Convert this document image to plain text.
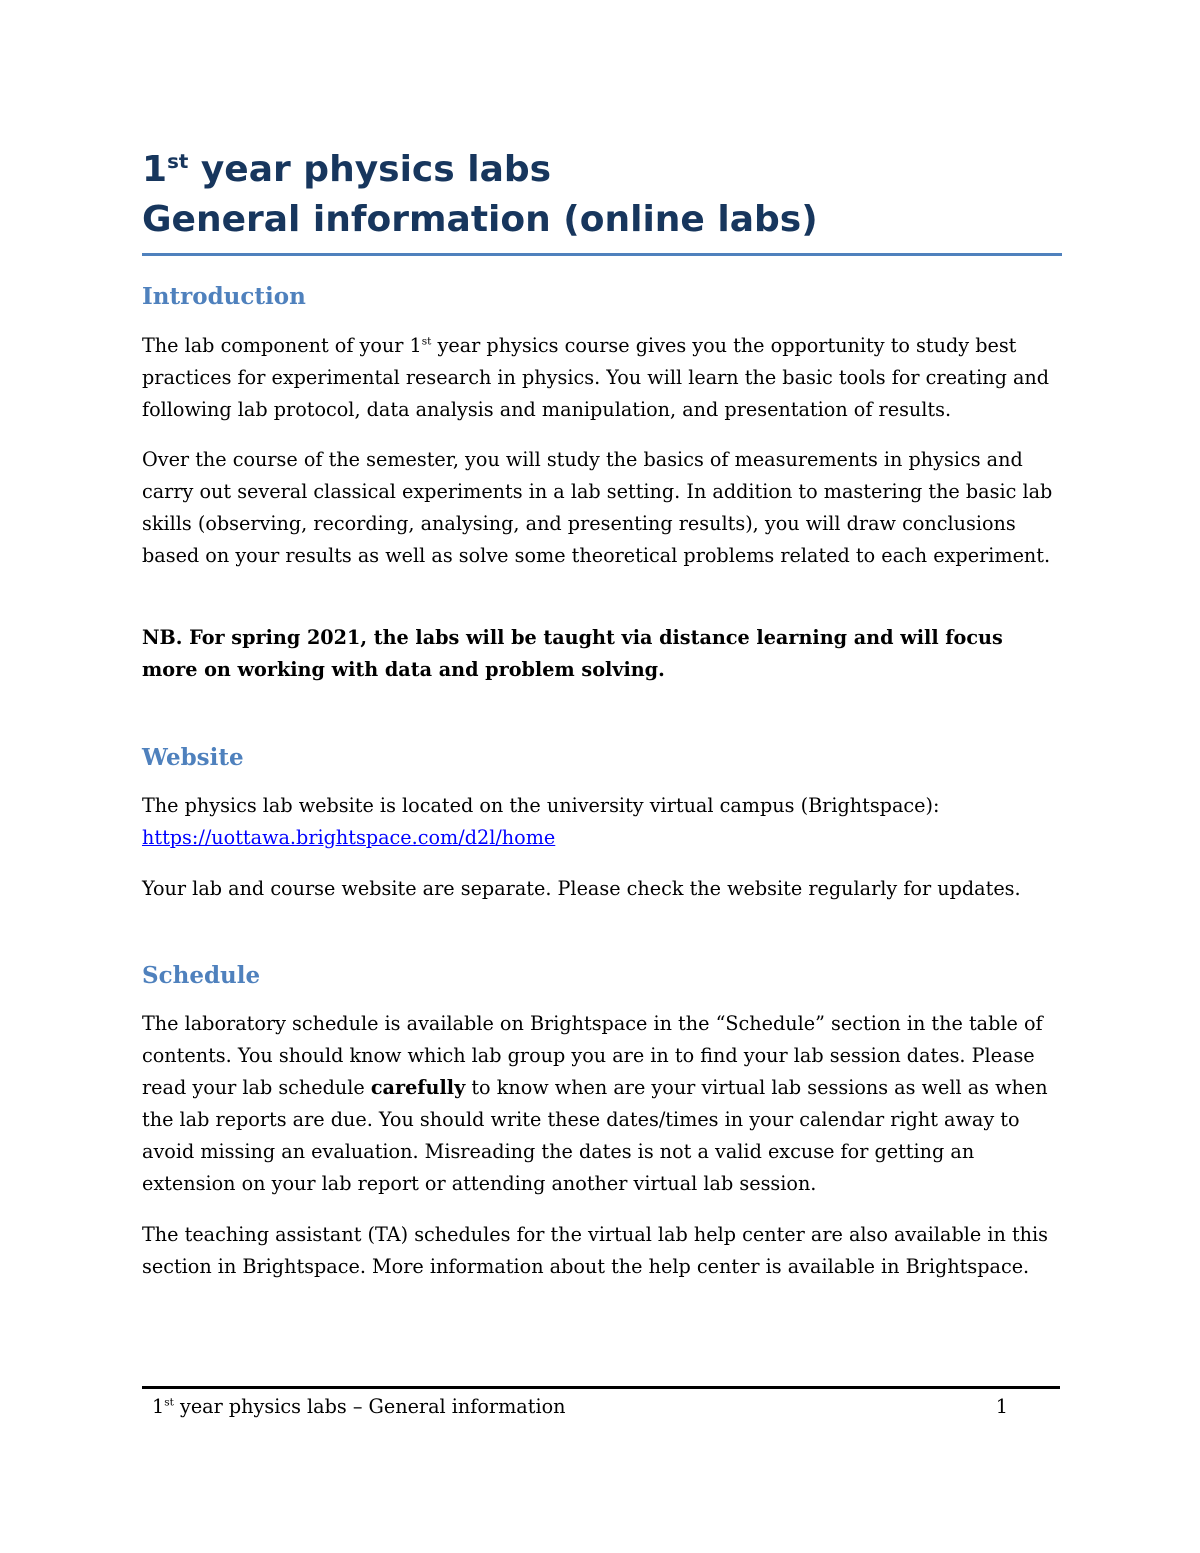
1st year physics labs
General information (online labs)
Introduction

The lab component of your 1st year physics course gives you the opportunity to study best practices for experimental research in physics. You will learn the basic tools for creating and following lab protocol, data analysis and manipulation, and presentation of results.

Over the course of the semester, you will study the basics of measurements in physics and carry out several classical experiments in a lab setting. In addition to mastering the basic lab skills (observing, recording, analysing, and presenting results), you will draw conclusions based on your results as well as solve some theoretical problems related to each experiment.

NB. For spring 2021, the labs will be taught via distance learning and will focus more on working with data and problem solving.

Website

The physics lab website is located on the university virtual campus (Brightspace):
https://uottawa.brightspace.com/d2l/home

Your lab and course website are separate. Please check the website regularly for updates.

Schedule

The laboratory schedule is available on Brightspace in the “Schedule” section in the table of contents. You should know which lab group you are in to find your lab session dates. Please read your lab schedule carefully to know when are your virtual lab sessions as well as when the lab reports are due. You should write these dates/times in your calendar right away to avoid missing an evaluation. Misreading the dates is not a valid excuse for getting an extension on your lab report or attending another virtual lab session.

The teaching assistant (TA) schedules for the virtual lab help center are also available in this section in Brightspace. More information about the help center is available in Brightspace.

1st year physics labs – General information	1
